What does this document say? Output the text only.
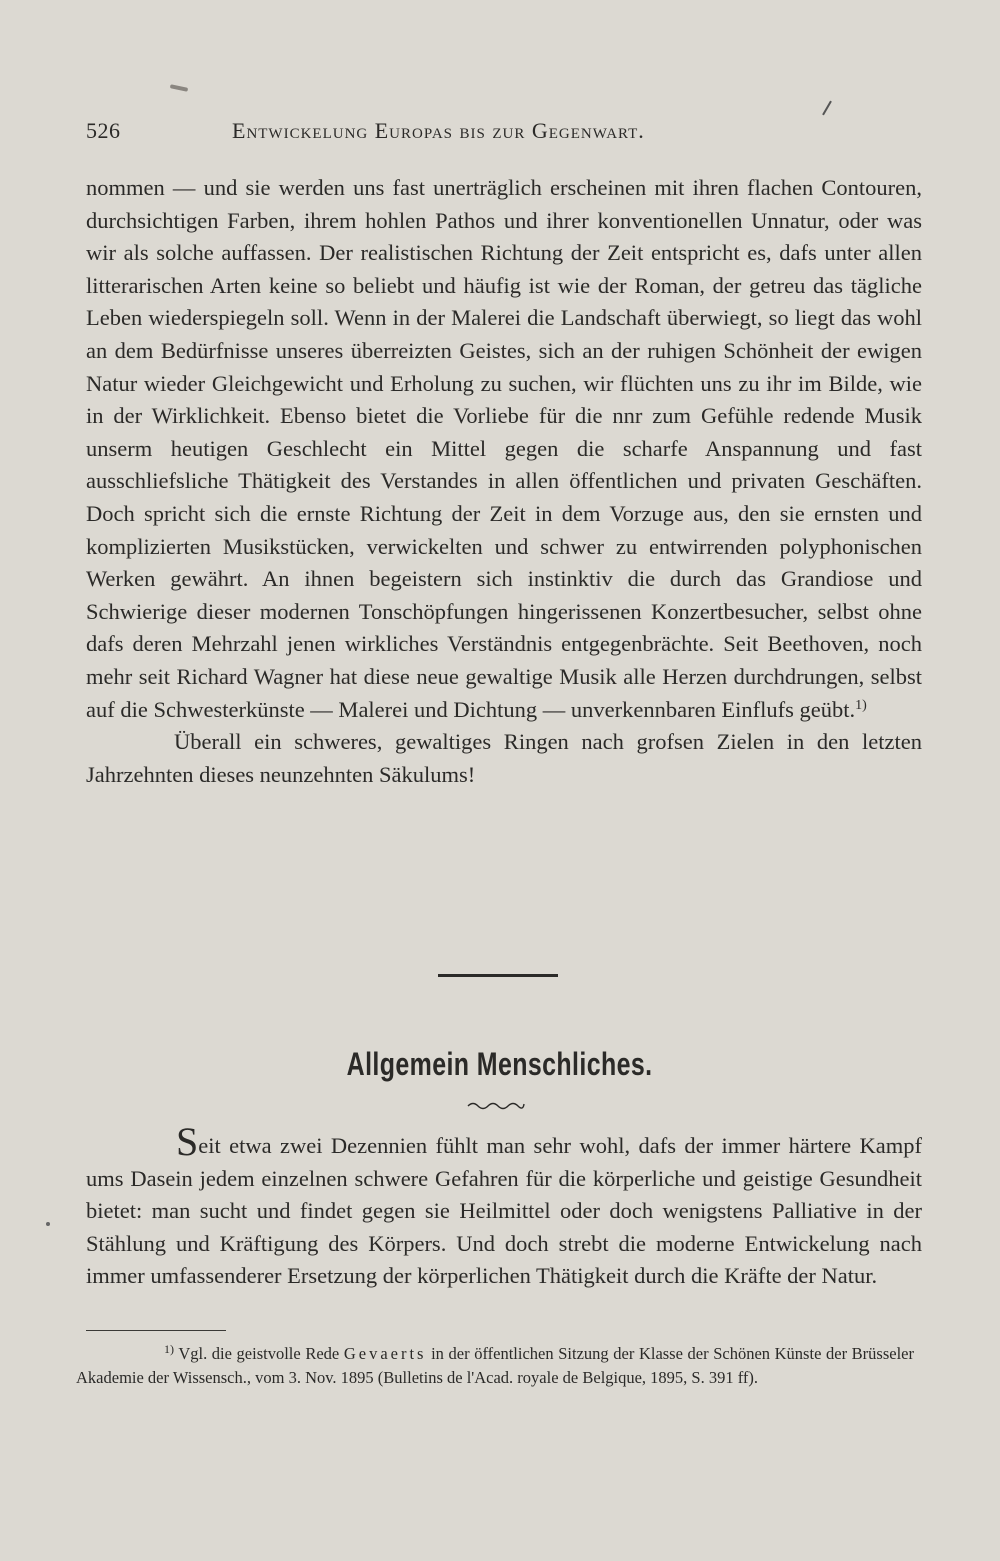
526	Entwickelung Europas bis zur Gegenwart.

nommen — und sie werden uns fast unerträglich erscheinen mit ihren flachen Contouren, durchsichtigen Farben, ihrem hohlen Pathos und ihrer konventionellen Unnatur, oder was wir als solche auffassen. Der realistischen Richtung der Zeit entspricht es, dafs unter allen litterarischen Arten keine so beliebt und häufig ist wie der Roman, der getreu das tägliche Leben wiederspiegeln soll. Wenn in der Malerei die Landschaft überwiegt, so liegt das wohl an dem Bedürfnisse unseres überreizten Geistes, sich an der ruhigen Schönheit der ewigen Natur wieder Gleichgewicht und Erholung zu suchen, wir flüchten uns zu ihr im Bilde, wie in der Wirklichkeit. Ebenso bietet die Vorliebe für die nnr zum Gefühle redende Musik unserm heutigen Geschlecht ein Mittel gegen die scharfe Anspannung und fast ausschliefsliche Thätigkeit des Verstandes in allen öffentlichen und privaten Geschäften. Doch spricht sich die ernste Richtung der Zeit in dem Vorzuge aus, den sie ernsten und komplizierten Musikstücken, verwickelten und schwer zu entwirrenden polyphonischen Werken gewährt. An ihnen begeistern sich instinktiv die durch das Grandiose und Schwierige dieser modernen Tonschöpfungen hingerissenen Konzertbesucher, selbst ohne dafs deren Mehrzahl jenen wirkliches Verständnis entgegenbrächte. Seit Beethoven, noch mehr seit Richard Wagner hat diese neue gewaltige Musik alle Herzen durchdrungen, selbst auf die Schwesterkünste — Malerei und Dichtung — unverkennbaren Einflufs geübt.$^{1)}$

Überall ein schweres, gewaltiges Ringen nach grofsen Zielen in den letzten Jahrzehnten dieses neunzehnten Säkulums!

Allgemein Menschliches.

Seit etwa zwei Dezennien fühlt man sehr wohl, dafs der immer härtere Kampf ums Dasein jedem einzelnen schwere Gefahren für die körperliche und geistige Gesundheit bietet: man sucht und findet gegen sie Heilmittel oder doch wenigstens Palliative in der Stählung und Kräftigung des Körpers. Und doch strebt die moderne Entwickelung nach immer umfassenderer Ersetzung der körperlichen Thätigkeit durch die Kräfte der Natur.

$^{1)}$ Vgl. die geistvolle Rede Gevaerts in der öffentlichen Sitzung der Klasse der Schönen Künste der Brüsseler Akademie der Wissensch., vom 3. Nov. 1895 (Bulletins de l'Acad. royale de Belgique, 1895, S. 391 ff).
